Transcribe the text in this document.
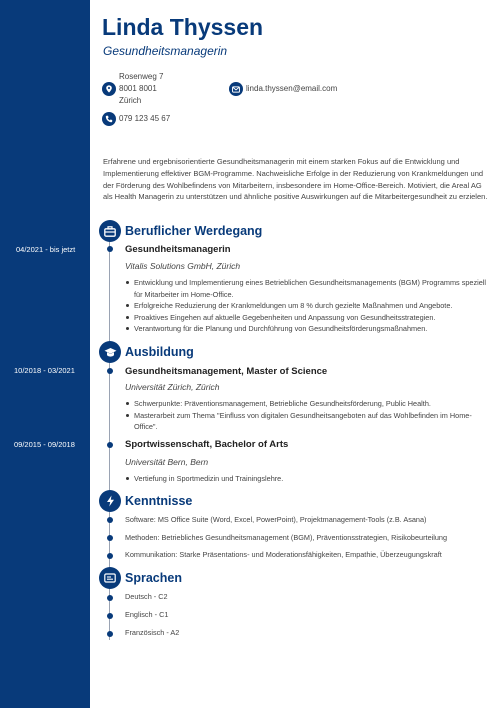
Linda Thyssen
Gesundheitsmanagerin
Rosenweg 7
8001 8001
Zürich
linda.thyssen@email.com
079 123 45 67
Erfahrene und ergebnisorientierte Gesundheitsmanagerin mit einem starken Fokus auf die Entwicklung und Implementierung effektiver BGM-Programme. Nachweisliche Erfolge in der Reduzierung von Krankmeldungen und der Förderung des Wohlbefindens von Mitarbeitern, insbesondere im Home-Office-Bereich. Motiviert, die Areal AG als Health Managerin zu unterstützen und ähnliche positive Auswirkungen auf die Mitarbeitergesundheit zu erzielen.
Beruflicher Werdegang
04/2021 - bis jetzt	Gesundheitsmanagerin
Vitalis Solutions GmbH, Zürich
Entwicklung und Implementierung eines Betrieblichen Gesundheitsmanagements (BGM) Programms speziell für Mitarbeiter im Home-Office.
Erfolgreiche Reduzierung der Krankmeldungen um 8 % durch gezielte Maßnahmen und Angebote.
Proaktives Eingehen auf aktuelle Gegebenheiten und Anpassung von Gesundheitsstrategien.
Verantwortung für die Planung und Durchführung von Gesundheitsförderungsmaßnahmen.
Ausbildung
10/2018 - 03/2021	Gesundheitsmanagement, Master of Science
Universität Zürich, Zürich
Schwerpunkte: Präventionsmanagement, Betriebliche Gesundheitsförderung, Public Health.
Masterarbeit zum Thema "Einfluss von digitalen Gesundheitsangeboten auf das Wohlbefinden im Home-Office".
09/2015 - 09/2018	Sportwissenschaft, Bachelor of Arts
Universität Bern, Bern
Vertiefung in Sportmedizin und Trainingslehre.
Kenntnisse
Software: MS Office Suite (Word, Excel, PowerPoint), Projektmanagement-Tools (z.B. Asana)
Methoden: Betriebliches Gesundheitsmanagement (BGM), Präventionsstrategien, Risikobeurteilung
Kommunikation: Starke Präsentations- und Moderationsfähigkeiten, Empathie, Überzeugungskraft
Sprachen
Deutsch - C2
Englisch - C1
Französisch - A2
